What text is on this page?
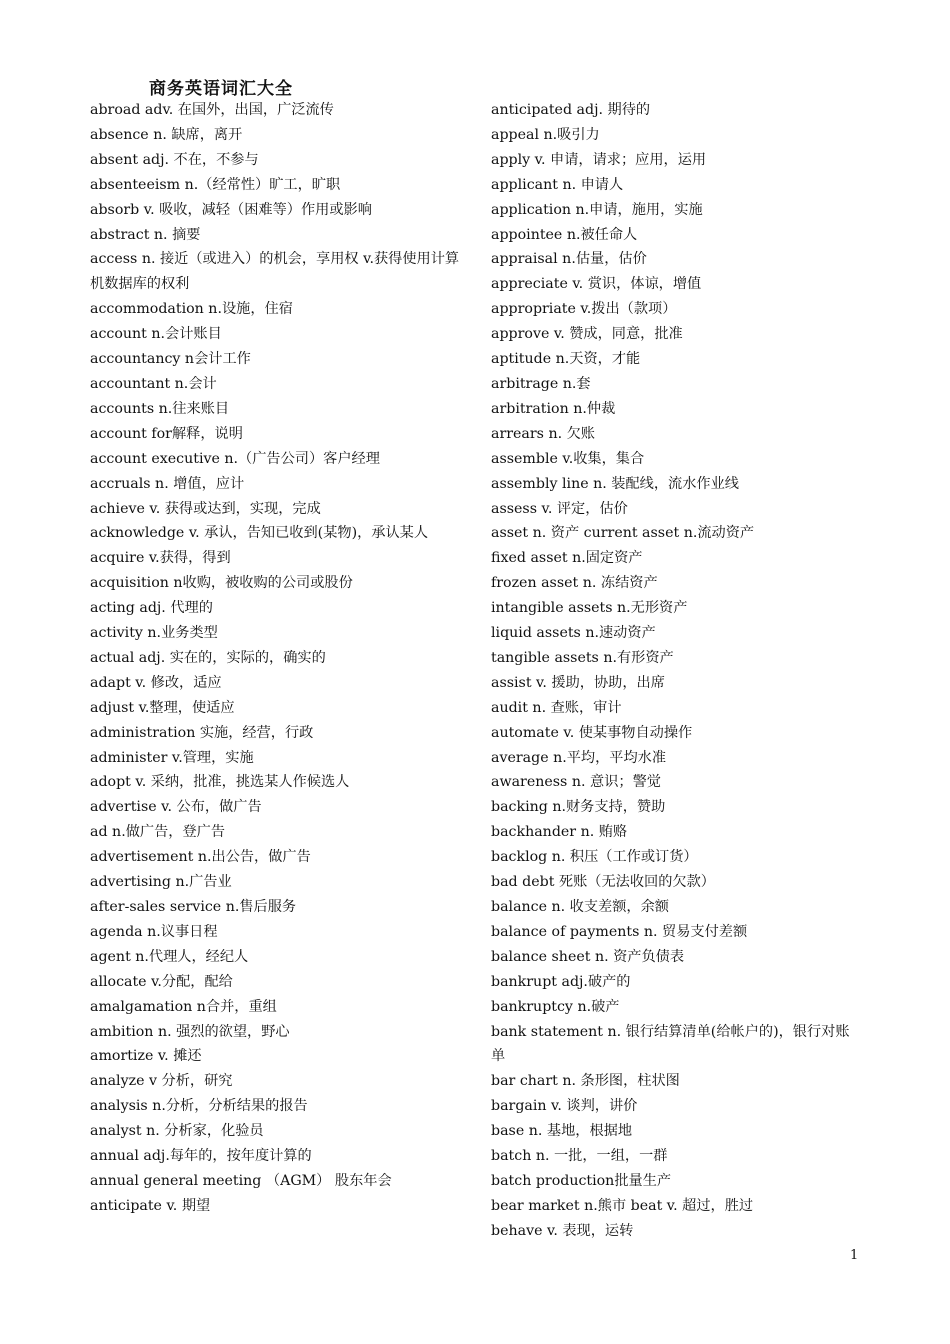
商务英语词汇大全
abroad adv. 在国外，出国，广泛流传
absence n. 缺席，离开
absent adj. 不在，不参与
absenteeism n.（经常性）旷工，旷职
absorb v. 吸收，减轻（困难等）作用或影响
abstract n. 摘要
access n. 接近（或进入）的机会，享用权 v.获得使用计算机数据库的权利
accommodation n.设施，住宿
account n.会计账目
accountancy n会计工作
accountant n.会计
accounts n.往来账目
account for解释，说明
account executive n.（广告公司）客户经理
accruals n. 增值，应计
achieve v. 获得或达到，实现，完成
acknowledge v. 承认，告知已收到(某物)，承认某人
acquire v.获得，得到
acquisition n收购，被收购的公司或股份
acting adj. 代理的
activity n.业务类型
actual adj. 实在的，实际的，确实的
adapt v. 修改，适应
adjust v.整理，使适应
administration 实施，经营，行政
administer v.管理，实施
adopt v. 采纳，批准，挑选某人作候选人
advertise v. 公布，做广告
ad n.做广告，登广告
advertisement n.出公告，做广告
advertising n.广告业
after-sales service n.售后服务
agenda n.议事日程
agent n.代理人，经纪人
allocate v.分配，配给
amalgamation n合并，重组
ambition n. 强烈的欲望，野心
amortize v. 摊还
analyze v 分析，研究
analysis n.分析，分析结果的报告
analyst n. 分析家，化验员
annual adj.每年的，按年度计算的
annual general meeting （AGM） 股东年会
anticipate v. 期望
anticipated adj. 期待的
appeal n.吸引力
apply v. 申请，请求；应用，运用
applicant n. 申请人
application n.申请，施用，实施
appointee n.被任命人
appraisal n.估量，估价
appreciate v. 赏识，体谅，增值
appropriate v.拨出（款项）
approve v. 赞成，同意，批准
aptitude n.天资，才能
arbitrage n.套
arbitration n.仲裁
arrears n. 欠账
assemble v.收集，集合
assembly line n. 装配线，流水作业线
assess v. 评定，估价
asset n. 资产 current asset n.流动资产
fixed asset n.固定资产
frozen asset n. 冻结资产
intangible assets n.无形资产
liquid assets n.速动资产
tangible assets n.有形资产
assist v. 援助，协助，出席
audit n. 查账，审计
automate v. 使某事物自动操作
average n.平均，平均水准
awareness n. 意识；警觉
backing n.财务支持，赞助
backhander n. 贿赂
backlog n. 积压（工作或订货）
bad debt 死账（无法收回的欠款）
balance n. 收支差额，余额
balance of payments n. 贸易支付差额
balance sheet n. 资产负债表
bankrupt adj.破产的
bankruptcy n.破产
bank statement n. 银行结算清单(给帐户的)，银行对账单
bar chart n. 条形图，柱状图
bargain v. 谈判，讲价
base n. 基地，根据地
batch n. 一批，一组，一群
batch production批量生产
bear market n.熊市 beat v. 超过，胜过
behave v. 表现，运转
1
